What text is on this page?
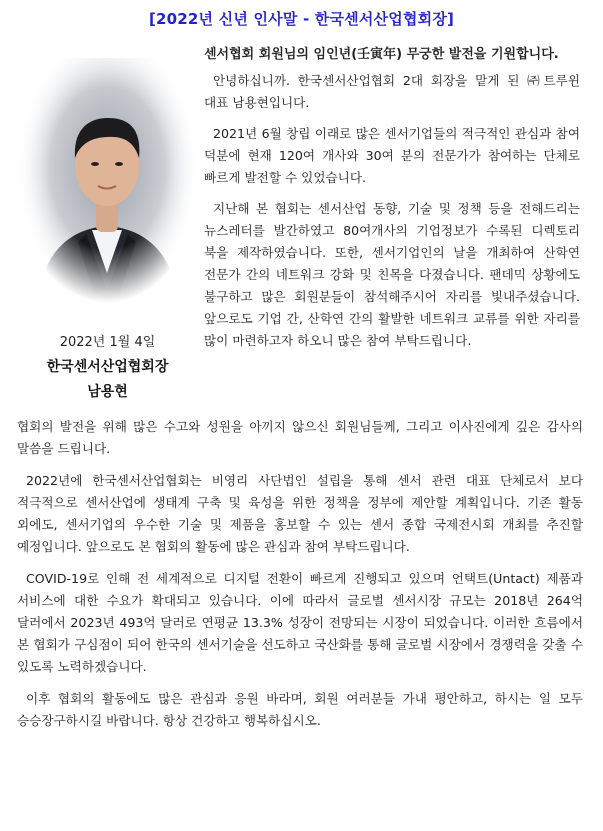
[2022년 신년 인사말 - 한국센서산업협회장]
2022년 1월 4일
한국센서산업협회장
남용현
센서협회 회원님의 임인년(壬寅年) 무궁한 발전을 기원합니다.

안녕하십니까. 한국센서산업협회 2대 회장을 맡게 된 ㈜트루윈 대표 남용현입니다.

2021년 6월 창립 이래로 많은 센서기업들의 적극적인 관심과 참여 덕분에 현재 120여 개사와 30여 분의 전문가가 참여하는 단체로 빠르게 발전할 수 있었습니다.

지난해 본 협회는 센서산업 동향, 기술 및 정책 등을 전해드리는 뉴스레터를 발간하였고 80여개사의 기업정보가 수록된 디렉토리 북을 제작하였습니다. 또한, 센서기업인의 날을 개최하여 산학연 전문가 간의 네트워크 강화 및 친목을 다졌습니다. 팬데믹 상황에도 불구하고 많은 회원분들이 참석해주시어 자리를 빛내주셨습니다. 앞으로도 기업 간, 산학연 간의 활발한 네트워크 교류를 위한 자리를 많이 마련하고자 하오니 많은 참여 부탁드립니다.

협회의 발전을 위해 많은 수고와 성원을 아끼지 않으신 회원님들께, 그리고 이사진에게 깊은 감사의 말씀을 드립니다.

2022년에 한국센서산업협회는 비영리 사단법인 설립을 통해 센서 관련 대표 단체로서 보다 적극적으로 센서산업에 생태계 구축 및 육성을 위한 정책을 정부에 제안할 계획입니다. 기존 활동 외에도, 센서기업의 우수한 기술 및 제품을 홍보할 수 있는 센서 종합 국제전시회 개최를 추진할 예정입니다. 앞으로도 본 협회의 활동에 많은 관심과 참여 부탁드립니다.

COVID-19로 인해 전 세계적으로 디지털 전환이 빠르게 진행되고 있으며 언택트(Untact) 제품과 서비스에 대한 수요가 확대되고 있습니다. 이에 따라서 글로벌 센서시장 규모는 2018년 264억 달러에서 2023년 493억 달러로 연평균 13.3% 성장이 전망되는 시장이 되었습니다. 이러한 흐름에서 본 협회가 구심점이 되어 한국의 센서기술을 선도하고 국산화를 통해 글로벌 시장에서 경쟁력을 갖출 수 있도록 노력하겠습니다.

이후 협회의 활동에도 많은 관심과 응원 바라며, 회원 여러분들 가내 평안하고, 하시는 일 모두 승승장구하시길 바랍니다. 항상 건강하고 행복하십시오.
